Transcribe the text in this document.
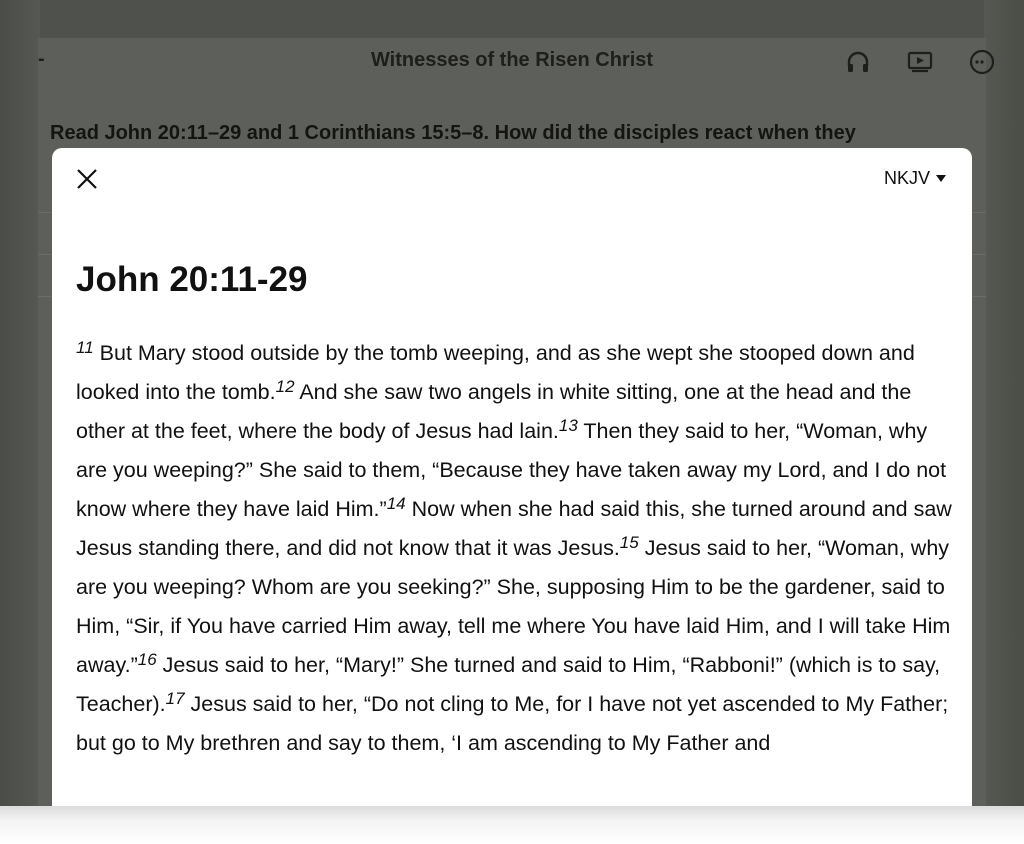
-	Witnesses of the Risen Christ
Read John 20:11–29 and 1 Corinthians 15:5–8. How did the disciples react when they
NKJV
John 20:11-29

$^{11}$ But Mary stood outside by the tomb weeping, and as she wept she stooped down and looked into the tomb.$^{12}$ And she saw two angels in white sitting, one at the head and the other at the feet, where the body of Jesus had lain.$^{13}$ Then they said to her, “Woman, why are you weeping?” She said to them, “Because they have taken away my Lord, and I do not know where they have laid Him.”$^{14}$ Now when she had said this, she turned around and saw Jesus standing there, and did not know that it was Jesus.$^{15}$ Jesus said to her, “Woman, why are you weeping? Whom are you seeking?” She, supposing Him to be the gardener, said to Him, “Sir, if You have carried Him away, tell me where You have laid Him, and I will take Him away.”$^{16}$ Jesus said to her, “Mary!” She turned and said to Him, “Rabboni!” (which is to say, Teacher).$^{17}$ Jesus said to her, “Do not cling to Me, for I have not yet ascended to My Father; but go to My brethren and say to them, ‘I am ascending to My Father and
